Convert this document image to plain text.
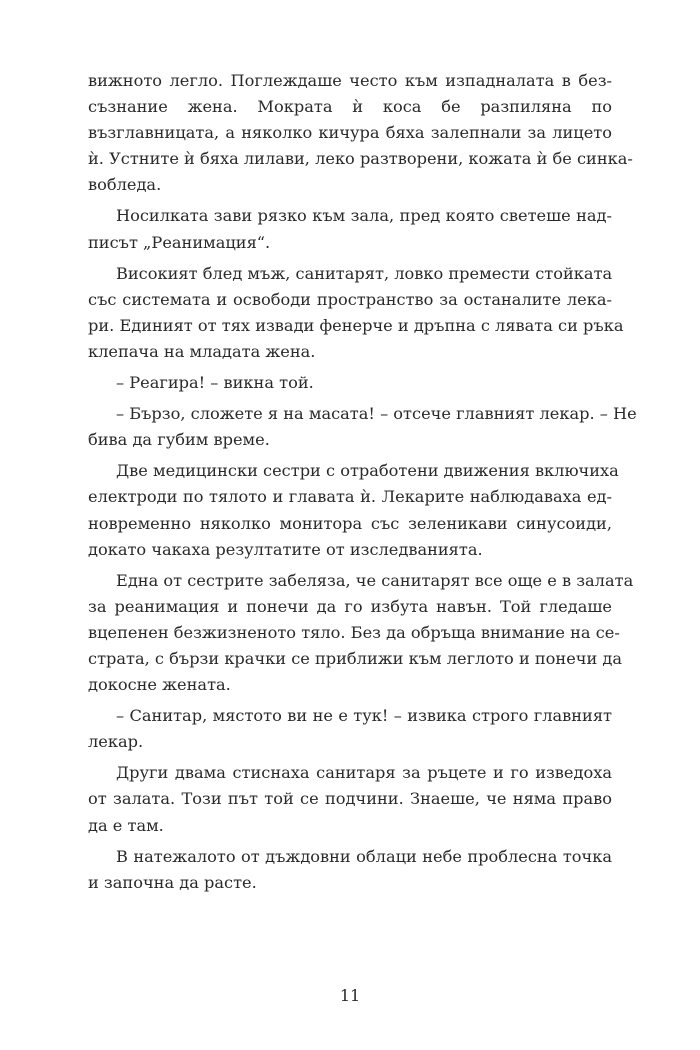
вижното легло. Поглеждаше често към изпадналата в без-
съзнание жена. Мократа ѝ коса бе разпиляна по
възглавницата, а няколко кичура бяха залепнали за лицето
ѝ. Устните ѝ бяха лилави, леко разтворени, кожата ѝ бе синка-
вобледа.
Носилката зави рязко към зала, пред която светеше над-
писът „Реанимация“.
Високият блед мъж, санитарят, ловко премести стойката
със системата и освободи пространство за останалите лека-
ри. Единият от тях извади фенерче и дръпна с лявата си ръка
клепача на младата жена.
– Реагира! – викна той.
– Бързо, сложете я на масата! – отсече главният лекар. – Не
бива да губим време.
Две медицински сестри с отработени движения включиха
електроди по тялото и главата ѝ. Лекарите наблюдаваха ед-
новременно няколко монитора със зеленикави синусоиди,
докато чакаха резултатите от изследванията.
Една от сестрите забеляза, че санитарят все още е в залата
за реанимация и понечи да го избута навън. Той гледаше
вцепенен безжизненото тяло. Без да обръща внимание на се-
страта, с бързи крачки се приближи към леглото и понечи да
докосне жената.
– Санитар, мястото ви не е тук! – извика строго главният
лекар.
Други двама стиснаха санитаря за ръцете и го изведоха
от залата. Този път той се подчини. Знаеше, че няма право
да е там.
В натежалото от дъждовни облаци небе проблесна точка
и започна да расте.
11
